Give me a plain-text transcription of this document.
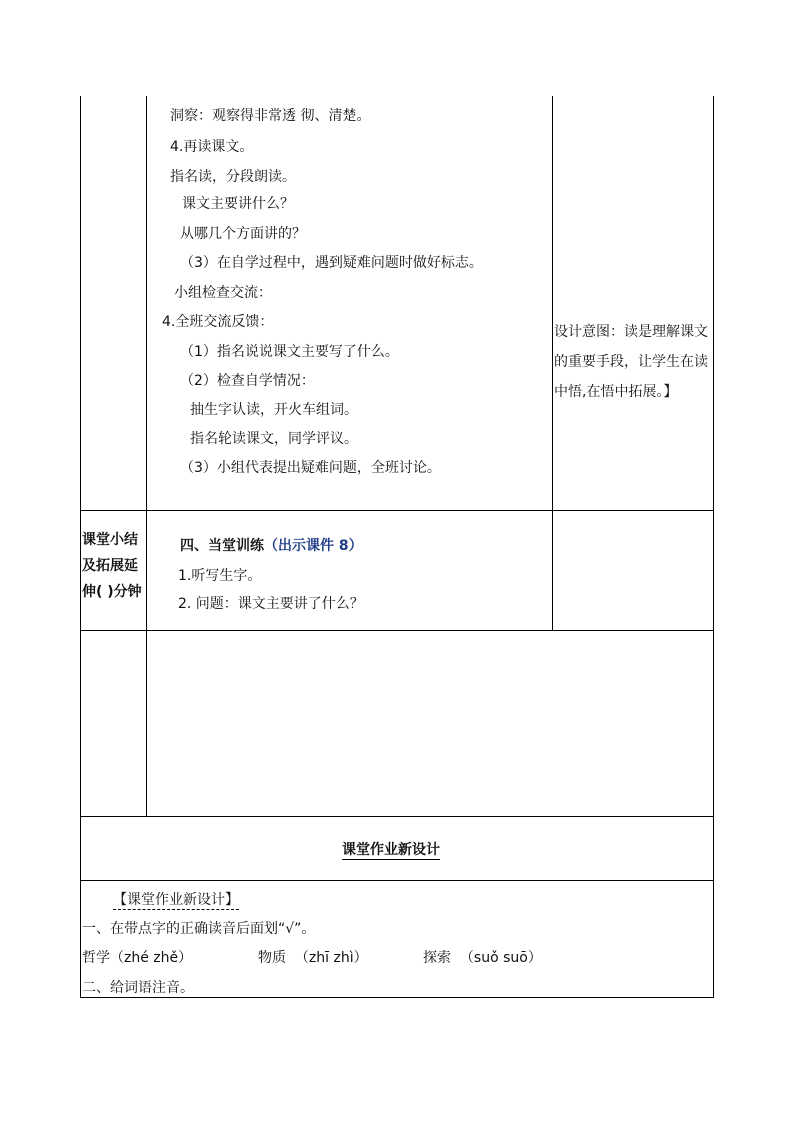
洞察：观察得非常透 彻、清楚。
4.再读课文。
指名读，分段朗读。
课文主要讲什么？
从哪几个方面讲的？
（3）在自学过程中，遇到疑难问题时做好标志。
小组检查交流：
4.全班交流反馈：
（1）指名说说课文主要写了什么。
（2）检查自学情况：
抽生字认读，开火车组词。
指名轮读课文，同学评议。
（3）小组代表提出疑难问题，全班讨论。
设计意图：读是理解课文的重要手段，让学生在读中悟,在悟中拓展。】
课堂小结及拓展延伸( )分钟
四、当堂训练（出示课件 8）
1.听写生字。
2. 问题：课文主要讲了什么？
课堂作业新设计
【课堂作业新设计】
一、在带点字的正确读音后面划“√”。
哲学（zhé zhě）	物质 （zhī zhì）	探索 （suǒ suō）
二、给词语注音。
